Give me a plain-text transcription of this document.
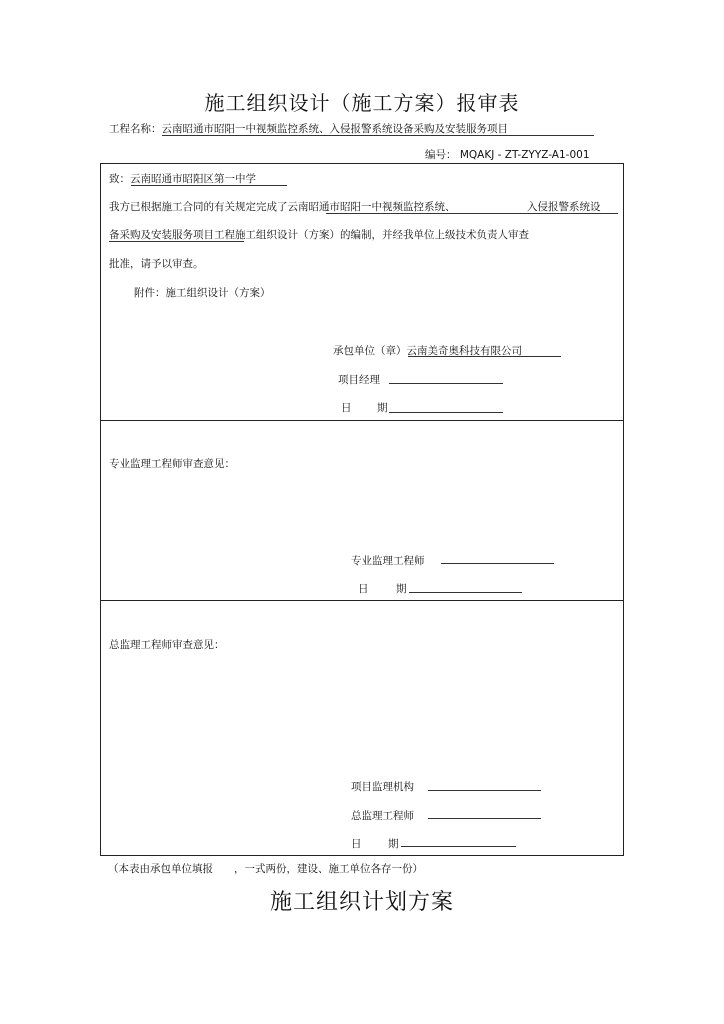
施工组织设计（施工方案）报审表
工程名称：云南昭通市昭阳一中视频监控系统、入侵报警系统设备采购及安装服务项目
编号： MQAKJ - ZT-ZYYZ-A1-001
致：云南昭通市昭阳区第一中学
我方已根据施工合同的有关规定完成了云南昭通市昭阳一中视频监控系统、	入侵报警系统设
备采购及安装服务项目工程施工组织设计（方案）的编制，并经我单位上级技术负责人审查
批准，请予以审查。
附件：施工组织设计（方案）
承包单位（章）云南美奇奥科技有限公司
项目经理
日 期
专业监理工程师审查意见：
专业监理工程师
日	期
总监理工程师审查意见：
项目监理机构
总监理工程师
日	期
（本表由承包单位填报　　，一式两份，建设、施工单位各存一份）
施工组织计划方案
